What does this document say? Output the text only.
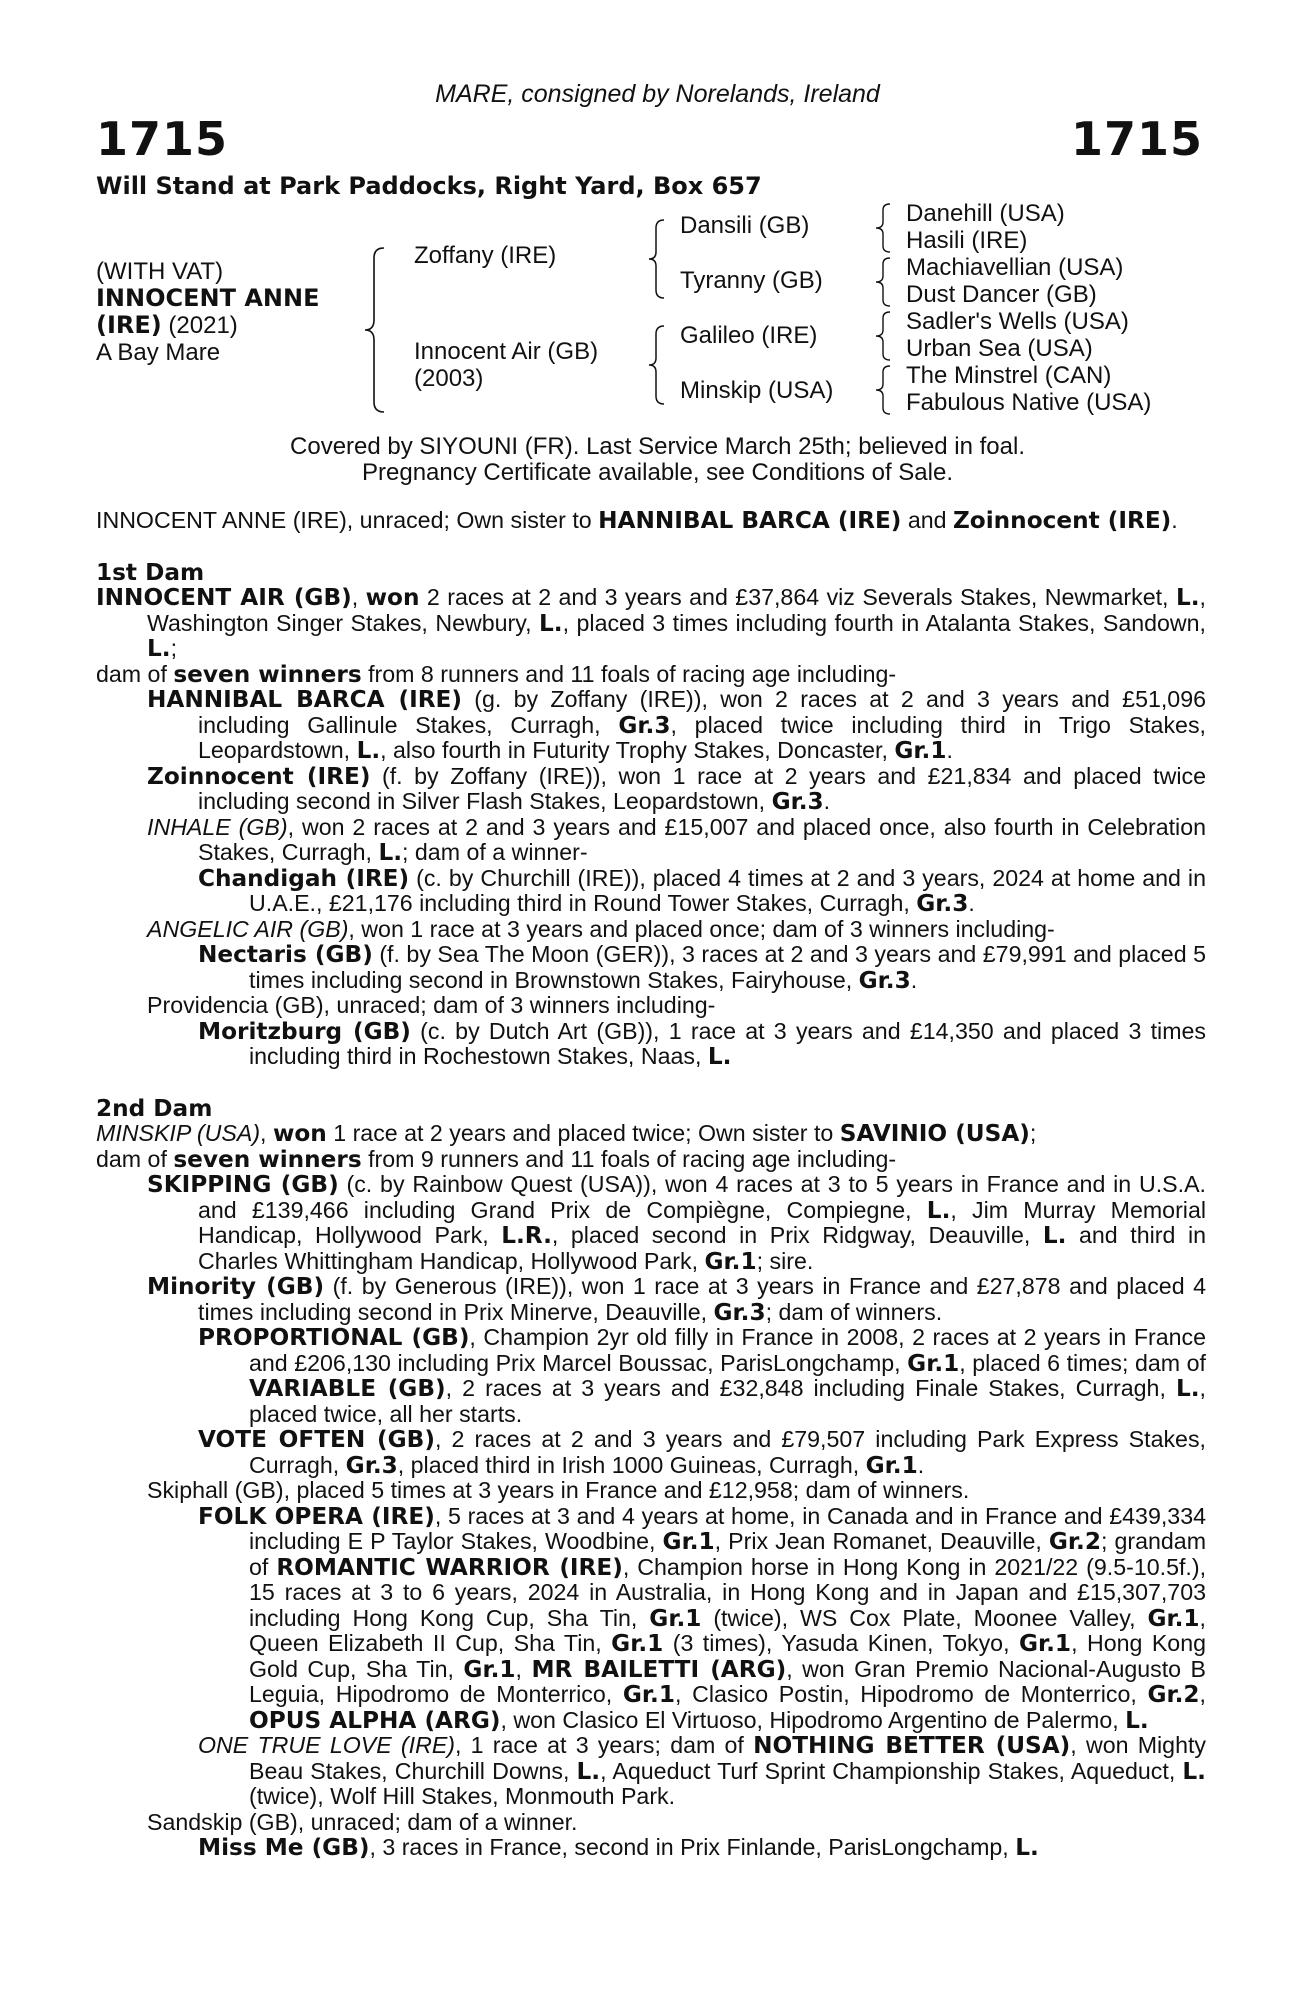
MARE, consigned by Norelands, Ireland
1715	1715
Will Stand at Park Paddocks, Right Yard, Box 657
(WITH VAT)
INNOCENT ANNE
(IRE) (2021)
A Bay Mare
Zoffany (IRE)
Innocent Air (GB)
(2003)
Dansili (GB)
Tyranny (GB)
Galileo (IRE)
Minskip (USA)
Danehill (USA)
Hasili (IRE)
Machiavellian (USA)
Dust Dancer (GB)
Sadler's Wells (USA)
Urban Sea (USA)
The Minstrel (CAN)
Fabulous Native (USA)
Covered by SIYOUNI (FR). Last Service March 25th; believed in foal.
Pregnancy Certificate available, see Conditions of Sale.

INNOCENT ANNE (IRE), unraced; Own sister to HANNIBAL BARCA (IRE) and Zoinnocent (IRE).

1st Dam

INNOCENT AIR (GB), won 2 races at 2 and 3 years and £37,864 viz Severals Stakes, Newmarket, L., Washington Singer Stakes, Newbury, L., placed 3 times including fourth in Atalanta Stakes, Sandown, L.;

dam of seven winners from 8 runners and 11 foals of racing age including-

HANNIBAL BARCA (IRE) (g. by Zoffany (IRE)), won 2 races at 2 and 3 years and £51,096 including Gallinule Stakes, Curragh, Gr.3, placed twice including third in Trigo Stakes, Leopardstown, L., also fourth in Futurity Trophy Stakes, Doncaster, Gr.1.

Zoinnocent (IRE) (f. by Zoffany (IRE)), won 1 race at 2 years and £21,834 and placed twice including second in Silver Flash Stakes, Leopardstown, Gr.3.

INHALE (GB), won 2 races at 2 and 3 years and £15,007 and placed once, also fourth in Celebration Stakes, Curragh, L.; dam of a winner-

Chandigah (IRE) (c. by Churchill (IRE)), placed 4 times at 2 and 3 years, 2024 at home and in U.A.E., £21,176 including third in Round Tower Stakes, Curragh, Gr.3.

ANGELIC AIR (GB), won 1 race at 3 years and placed once; dam of 3 winners including-

Nectaris (GB) (f. by Sea The Moon (GER)), 3 races at 2 and 3 years and £79,991 and placed 5 times including second in Brownstown Stakes, Fairyhouse, Gr.3.

Providencia (GB), unraced; dam of 3 winners including-

Moritzburg (GB) (c. by Dutch Art (GB)), 1 race at 3 years and £14,350 and placed 3 times including third in Rochestown Stakes, Naas, L.

2nd Dam

MINSKIP (USA), won 1 race at 2 years and placed twice; Own sister to SAVINIO (USA);

dam of seven winners from 9 runners and 11 foals of racing age including-

SKIPPING (GB) (c. by Rainbow Quest (USA)), won 4 races at 3 to 5 years in France and in U.S.A. and £139,466 including Grand Prix de Compiègne, Compiegne, L., Jim Murray Memorial Handicap, Hollywood Park, L.R., placed second in Prix Ridgway, Deauville, L. and third in Charles Whittingham Handicap, Hollywood Park, Gr.1; sire.

Minority (GB) (f. by Generous (IRE)), won 1 race at 3 years in France and £27,878 and placed 4 times including second in Prix Minerve, Deauville, Gr.3; dam of winners.

PROPORTIONAL (GB), Champion 2yr old filly in France in 2008, 2 races at 2 years in France and £206,130 including Prix Marcel Boussac, ParisLongchamp, Gr.1, placed 6 times; dam of VARIABLE (GB), 2 races at 3 years and £32,848 including Finale Stakes, Curragh, L., placed twice, all her starts.

VOTE OFTEN (GB), 2 races at 2 and 3 years and £79,507 including Park Express Stakes, Curragh, Gr.3, placed third in Irish 1000 Guineas, Curragh, Gr.1.

Skiphall (GB), placed 5 times at 3 years in France and £12,958; dam of winners.

FOLK OPERA (IRE), 5 races at 3 and 4 years at home, in Canada and in France and £439,334 including E P Taylor Stakes, Woodbine, Gr.1, Prix Jean Romanet, Deauville, Gr.2; grandam of ROMANTIC WARRIOR (IRE), Champion horse in Hong Kong in 2021/22 (9.5-10.5f.), 15 races at 3 to 6 years, 2024 in Australia, in Hong Kong and in Japan and £15,307,703 including Hong Kong Cup, Sha Tin, Gr.1 (twice), WS Cox Plate, Moonee Valley, Gr.1, Queen Elizabeth II Cup, Sha Tin, Gr.1 (3 times), Yasuda Kinen, Tokyo, Gr.1, Hong Kong Gold Cup, Sha Tin, Gr.1, MR BAILETTI (ARG), won Gran Premio Nacional-Augusto B Leguia, Hipodromo de Monterrico, Gr.1, Clasico Postin, Hipodromo de Monterrico, Gr.2, OPUS ALPHA (ARG), won Clasico El Virtuoso, Hipodromo Argentino de Palermo, L.

ONE TRUE LOVE (IRE), 1 race at 3 years; dam of NOTHING BETTER (USA), won Mighty Beau Stakes, Churchill Downs, L., Aqueduct Turf Sprint Championship Stakes, Aqueduct, L. (twice), Wolf Hill Stakes, Monmouth Park.

Sandskip (GB), unraced; dam of a winner.

Miss Me (GB), 3 races in France, second in Prix Finlande, ParisLongchamp, L.
